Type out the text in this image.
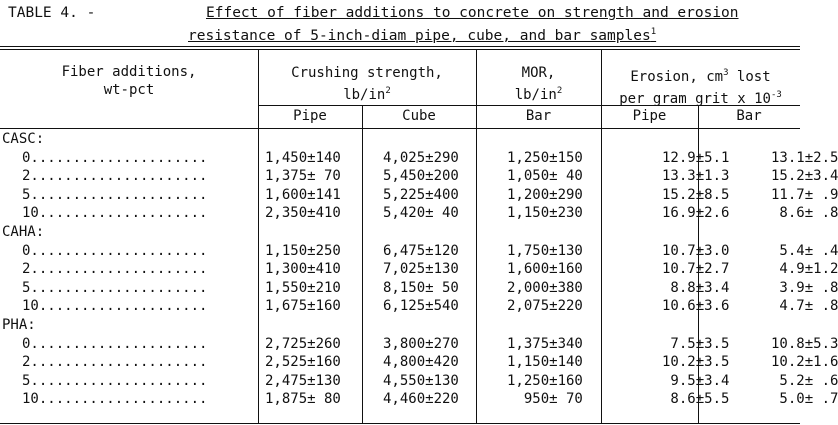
TABLE 4. -

	Effect of fiber additions to concrete on strength and erosion

resistance of 5-inch-diam pipe, cube, and bar samples$^1$

Fiber additions,
wt-pct
Crushing strength,
$lb/in^2$
MOR,
$lb/in^2$
Erosion, $cm^3$ lost
per gram grit x $10^{-3}$
Pipe	Cube	Bar	Pipe	Bar
CASC:					
0.....................	1,450±140	4,025±290	1,250±150	12.9±5.1	13.1±2.5
2.....................	1,375± 70	5,450±200	1,050± 40	13.3±1.3	15.2±3.4
5.....................	1,600±141	5,225±400	1,200±290	15.2±8.5	11.7± .9
10....................	2,350±410	5,420± 40	1,150±230	16.9±2.6	8.6± .8
CAHA:					
0.....................	1,150±250	6,475±120	1,750±130	10.7±3.0	5.4± .4
2.....................	1,300±410	7,025±130	1,600±160	10.7±2.7	4.9±1.2
5.....................	1,550±210	8,150± 50	2,000±380	8.8±3.4	3.9± .8
10....................	1,675±160	6,125±540	2,075±220	10.6±3.6	4.7± .8
PHA:					
0.....................	2,725±260	3,800±270	1,375±340	7.5±3.5	10.8±5.3
2.....................	2,525±160	4,800±420	1,150±140	10.2±3.5	10.2±1.6
5.....................	2,475±130	4,550±130	1,250±160	9.5±3.4	5.2± .6
10....................	1,875± 80	4,460±220	950± 70	8.6±5.5	5.0± .7
